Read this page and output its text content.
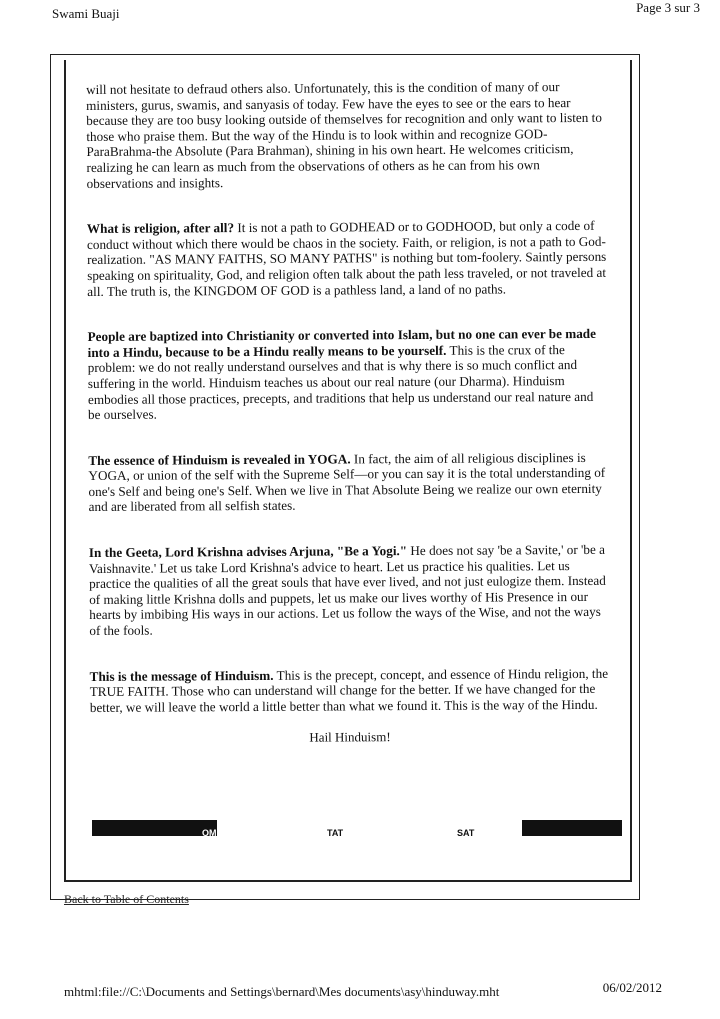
Swami Buaji	Page 3 sur 3

will not hesitate to defraud others also. Unfortunately, this is the condition of many of our ministers, gurus, swamis, and sanyasis of today. Few have the eyes to see or the ears to hear because they are too busy looking outside of themselves for recognition and only want to listen to those who praise them. But the way of the Hindu is to look within and recognize GOD-ParaBrahma-the Absolute (Para Brahman), shining in his own heart. He welcomes criticism, realizing he can learn as much from the observations of others as he can from his own observations and insights.

What is religion, after all? It is not a path to GODHEAD or to GODHOOD, but only a code of conduct without which there would be chaos in the society. Faith, or religion, is not a path to God-realization. "AS MANY FAITHS, SO MANY PATHS" is nothing but tom-foolery. Saintly persons speaking on spirituality, God, and religion often talk about the path less traveled, or not traveled at all. The truth is, the KINGDOM OF GOD is a pathless land, a land of no paths.

People are baptized into Christianity or converted into Islam, but no one can ever be made into a Hindu, because to be a Hindu really means to be yourself. This is the crux of the problem: we do not really understand ourselves and that is why there is so much conflict and suffering in the world. Hinduism teaches us about our real nature (our Dharma). Hinduism embodies all those practices, precepts, and traditions that help us understand our real nature and be ourselves.

The essence of Hinduism is revealed in YOGA. In fact, the aim of all religious disciplines is YOGA, or union of the self with the Supreme Self—or you can say it is the total understanding of one's Self and being one's Self. When we live in That Absolute Being we realize our own eternity and are liberated from all selfish states.

In the Geeta, Lord Krishna advises Arjuna, "Be a Yogi." He does not say 'be a Savite,' or 'be a Vaishnavite.' Let us take Lord Krishna's advice to heart. Let us practice his qualities. Let us practice the qualities of all the great souls that have ever lived, and not just eulogize them. Instead of making little Krishna dolls and puppets, let us make our lives worthy of His Presence in our hearts by imbibing His ways in our actions. Let us follow the ways of the Wise, and not the ways of the fools.

This is the message of Hinduism. This is the precept, concept, and essence of Hindu religion, the TRUE FAITH. Those who can understand will change for the better. If we have changed for the better, we will leave the world a little better than what we found it. This is the way of the Hindu.

Hail Hinduism!
OM	TAT	SAT
Back to Table of Contents
mhtml:file://C:\Documents and Settings\bernard\Mes documents\asy\hinduway.mht	06/02/2012
